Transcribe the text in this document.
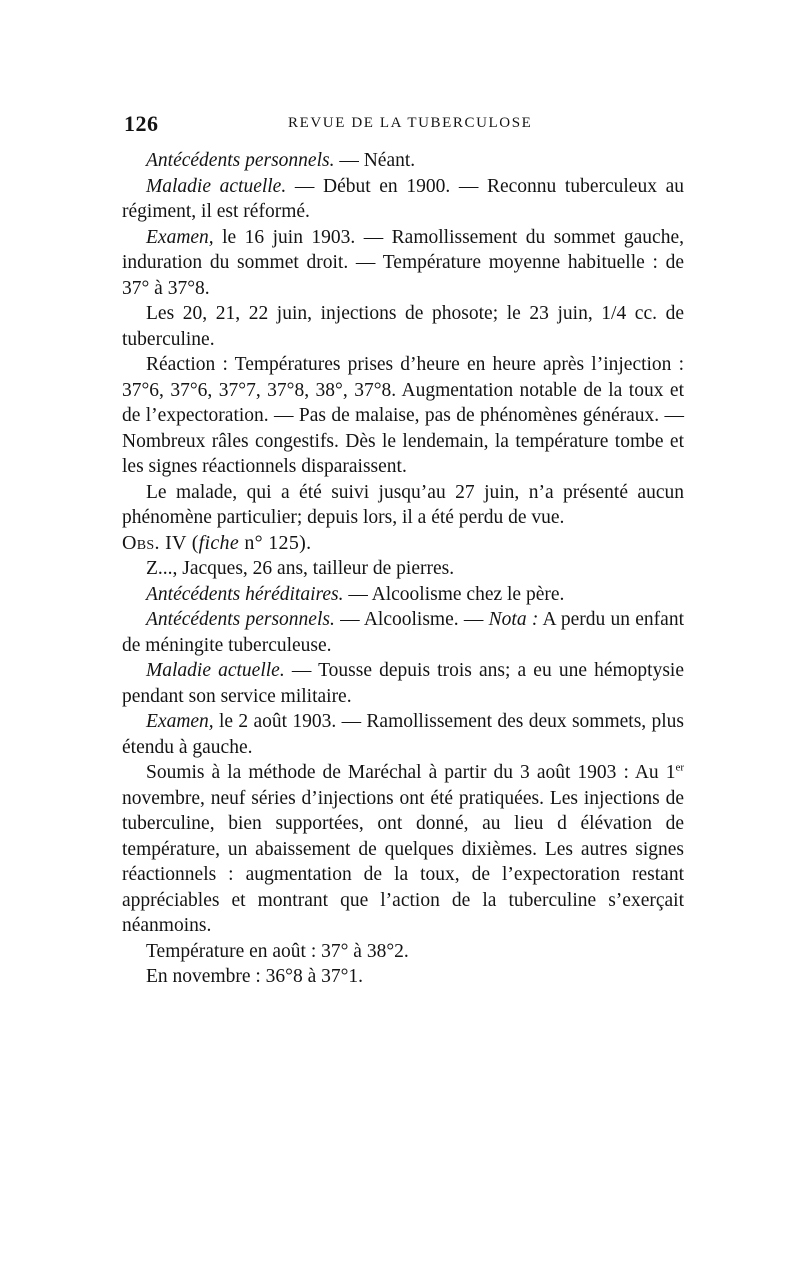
126	REVUE DE LA TUBERCULOSE

Antécédents personnels. — Néant.

Maladie actuelle. — Début en 1900. — Reconnu tuberculeux au régiment, il est réformé.

Examen, le 16 juin 1903. — Ramollissement du sommet gauche, induration du sommet droit. — Température moyenne habituelle : de 37° à 37°8.

Les 20, 21, 22 juin, injections de phosote; le 23 juin, 1/4 cc. de tuberculine.

Réaction : Températures prises d’heure en heure après l’injection : 37°6, 37°6, 37°7, 37°8, 38°, 37°8. Augmentation notable de la toux et de l’expectoration. — Pas de malaise, pas de phénomènes généraux. — Nombreux râles congestifs. Dès le lendemain, la température tombe et les signes réactionnels disparaissent.

Le malade, qui a été suivi jusqu’au 27 juin, n’a présenté aucun phénomène particulier; depuis lors, il a été perdu de vue.

Obs. IV (fiche n° 125).

Z..., Jacques, 26 ans, tailleur de pierres.

Antécédents héréditaires. — Alcoolisme chez le père.

Antécédents personnels. — Alcoolisme. — Nota : A perdu un enfant de méningite tuberculeuse.

Maladie actuelle. — Tousse depuis trois ans; a eu une hémoptysie pendant son service militaire.

Examen, le 2 août 1903. — Ramollissement des deux sommets, plus étendu à gauche.

Soumis à la méthode de Maréchal à partir du 3 août 1903 : Au 1er novembre, neuf séries d’injections ont été pratiquées. Les injections de tuberculine, bien supportées, ont donné, au lieu d élévation de température, un abaissement de quelques dixièmes. Les autres signes réactionnels : augmentation de la toux, de l’expectoration restant appréciables et montrant que l’action de la tuberculine s’exerçait néanmoins.

Température en août : 37° à 38°2.

En novembre : 36°8 à 37°1.
